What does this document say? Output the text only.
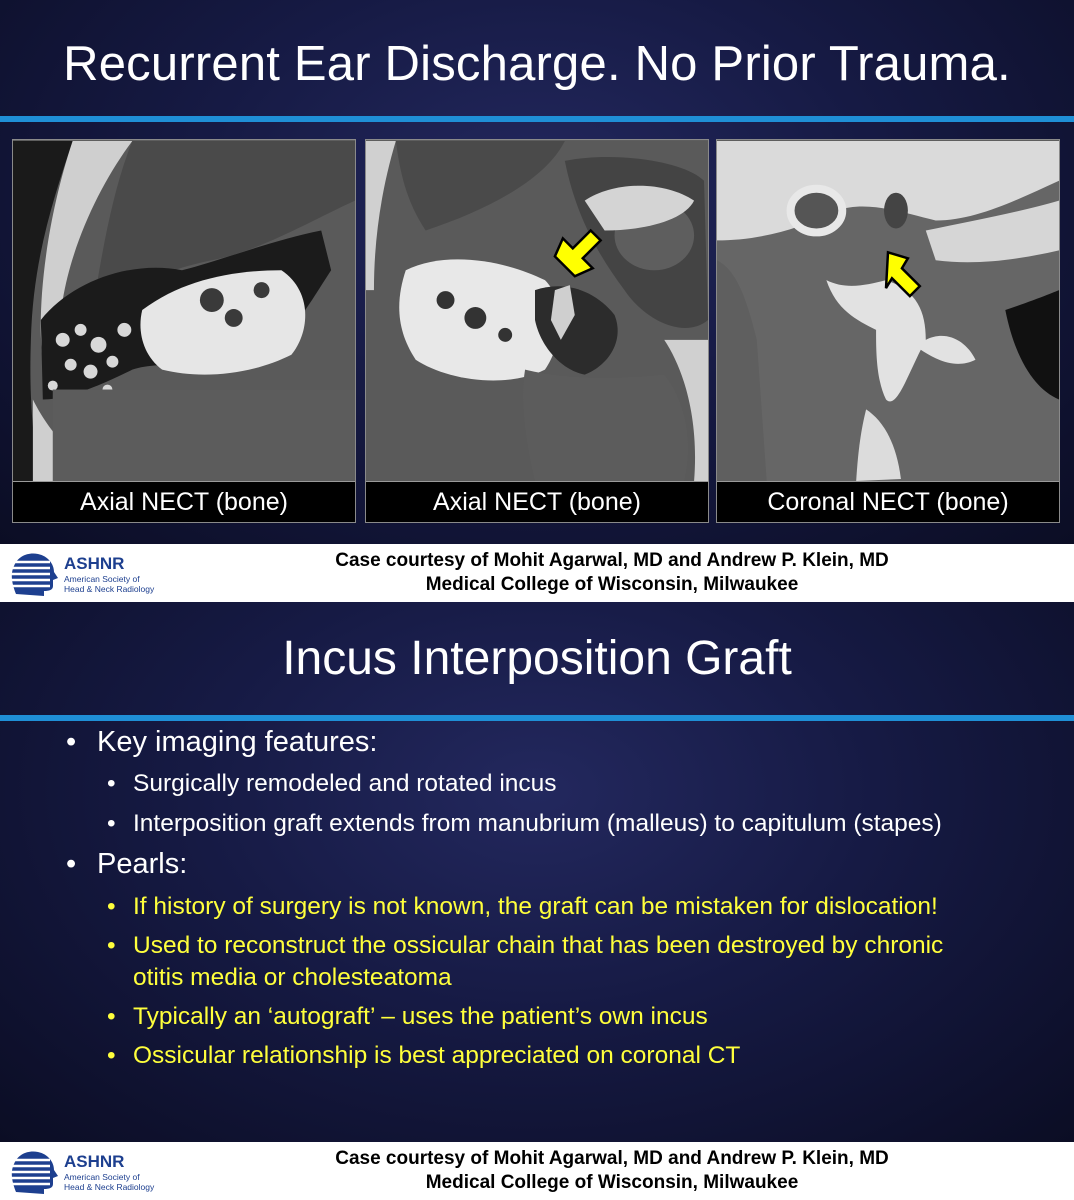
Recurrent Ear Discharge. No Prior Trauma.
Axial NECT (bone)	Axial NECT (bone)	Coronal NECT (bone)
ASHNR
American Society of
Head & Neck Radiology
Case courtesy of Mohit Agarwal, MD and Andrew P. Klein, MD
Medical College of Wisconsin, Milwaukee
Incus Interposition Graft
• Key imaging features:
• Surgically remodeled and rotated incus
• Interposition graft extends from manubrium (malleus) to capitulum (stapes)
• Pearls:
• If history of surgery is not known, the graft can be mistaken for dislocation!
• Used to reconstruct the ossicular chain that has been destroyed by chronic
otitis media or cholesteatoma
• Typically an ‘autograft’ – uses the patient’s own incus
• Ossicular relationship is best appreciated on coronal CT
ASHNR
American Society of
Head & Neck Radiology
Case courtesy of Mohit Agarwal, MD and Andrew P. Klein, MD
Medical College of Wisconsin, Milwaukee
